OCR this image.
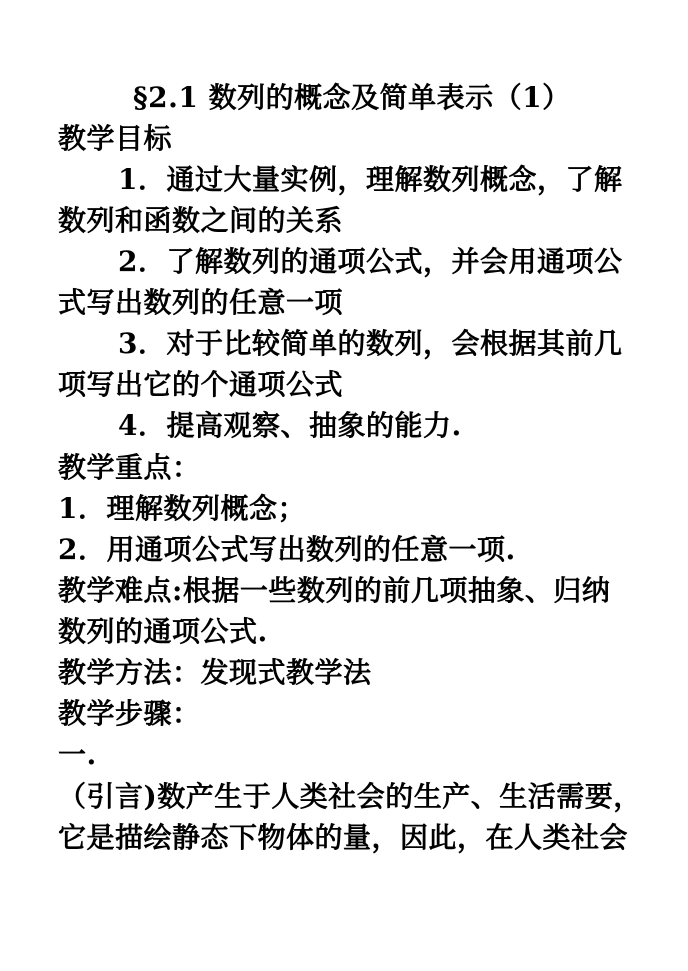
§2.1 数列的概念及简单表示（1）
教学目标
1．通过大量实例，理解数列概念，了解
数列和函数之间的关系
2．了解数列的通项公式，并会用通项公
式写出数列的任意一项
3．对于比较简单的数列，会根据其前几
项写出它的个通项公式
4．提高观察、抽象的能力.
教学重点：
1．理解数列概念；
2．用通项公式写出数列的任意一项.
教学难点:根据一些数列的前几项抽象、归纳
数列的通项公式.
教学方法：发现式教学法
教学步骤：
一.
（引言)数产生于人类社会的生产、生活需要，
它是描绘静态下物体的量，因此，在人类社会
